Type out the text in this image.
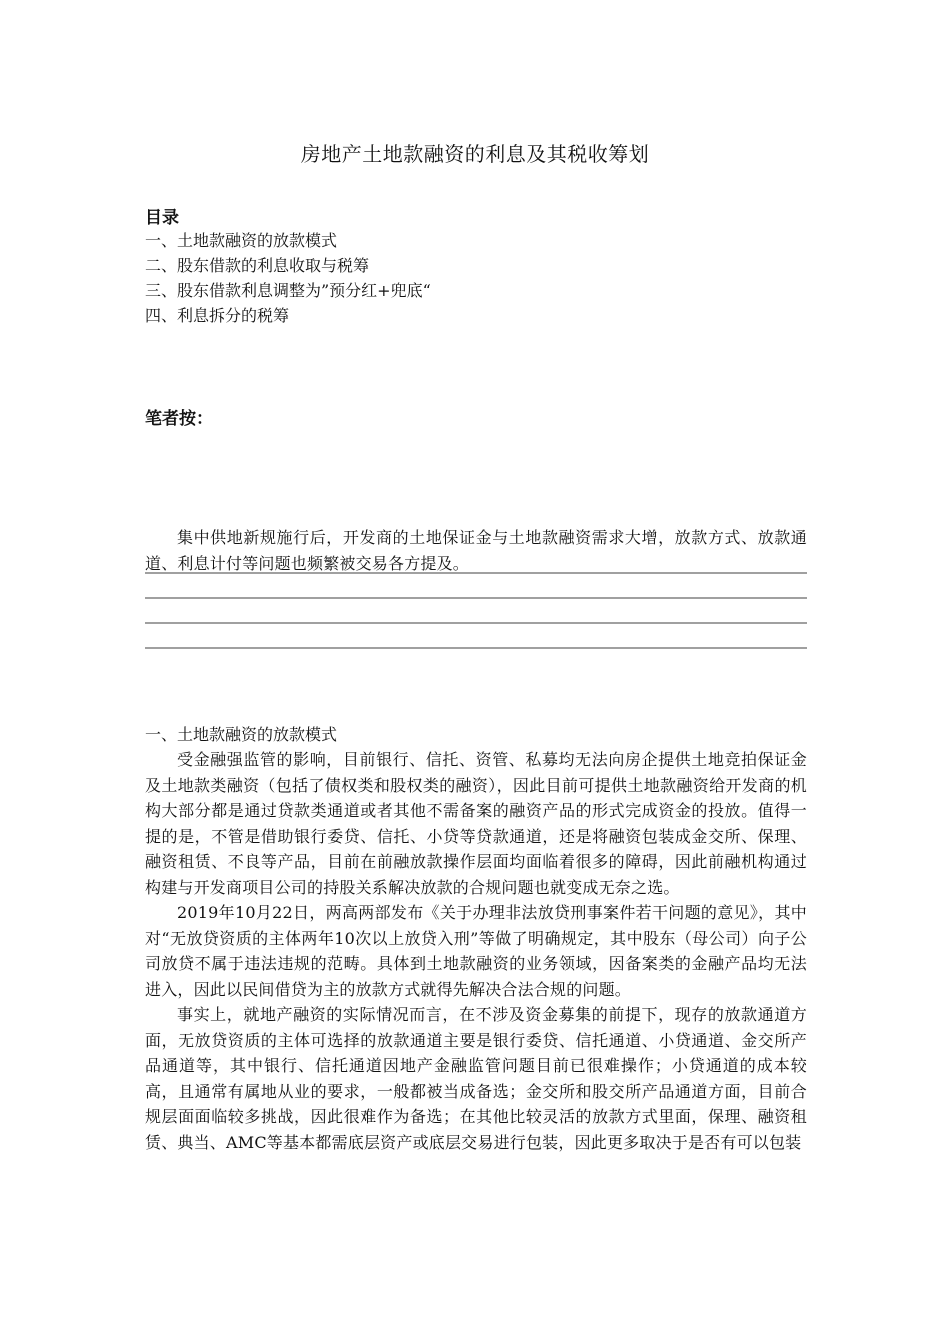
房地产土地款融资的利息及其税收筹划
目录
一、土地款融资的放款模式
二、股东借款的利息收取与税筹
三、股东借款利息调整为”预分红+兜底“
四、利息拆分的税筹
笔者按：

集中供地新规施行后，开发商的土地保证金与土地款融资需求大增，放款方式、放款通道、利息计付等问题也频繁被交易各方提及。

一、土地款融资的放款模式

受金融强监管的影响，目前银行、信托、资管、私募均无法向房企提供土地竞拍保证金及土地款类融资（包括了债权类和股权类的融资），因此目前可提供土地款融资给开发商的机构大部分都是通过贷款类通道或者其他不需备案的融资产品的形式完成资金的投放。值得一提的是，不管是借助银行委贷、信托、小贷等贷款通道，还是将融资包装成金交所、保理、融资租赁、不良等产品，目前在前融放款操作层面均面临着很多的障碍，因此前融机构通过构建与开发商项目公司的持股关系解决放款的合规问题也就变成无奈之选。

2019年10月22日，两高两部发布《关于办理非法放贷刑事案件若干问题的意见》，其中对“无放贷资质的主体两年10次以上放贷入刑”等做了明确规定，其中股东（母公司）向子公司放贷不属于违法违规的范畴。具体到土地款融资的业务领域，因备案类的金融产品均无法进入，因此以民间借贷为主的放款方式就得先解决合法合规的问题。

事实上，就地产融资的实际情况而言，在不涉及资金募集的前提下，现存的放款通道方面，无放贷资质的主体可选择的放款通道主要是银行委贷、信托通道、小贷通道、金交所产品通道等，其中银行、信托通道因地产金融监管问题目前已很难操作；小贷通道的成本较高，且通常有属地从业的要求，一般都被当成备选；金交所和股交所产品通道方面，目前合规层面面临较多挑战，因此很难作为备选；在其他比较灵活的放款方式里面，保理、融资租赁、典当、AMC等基本都需底层资产或底层交易进行包装，因此更多取决于是否有可以包装
